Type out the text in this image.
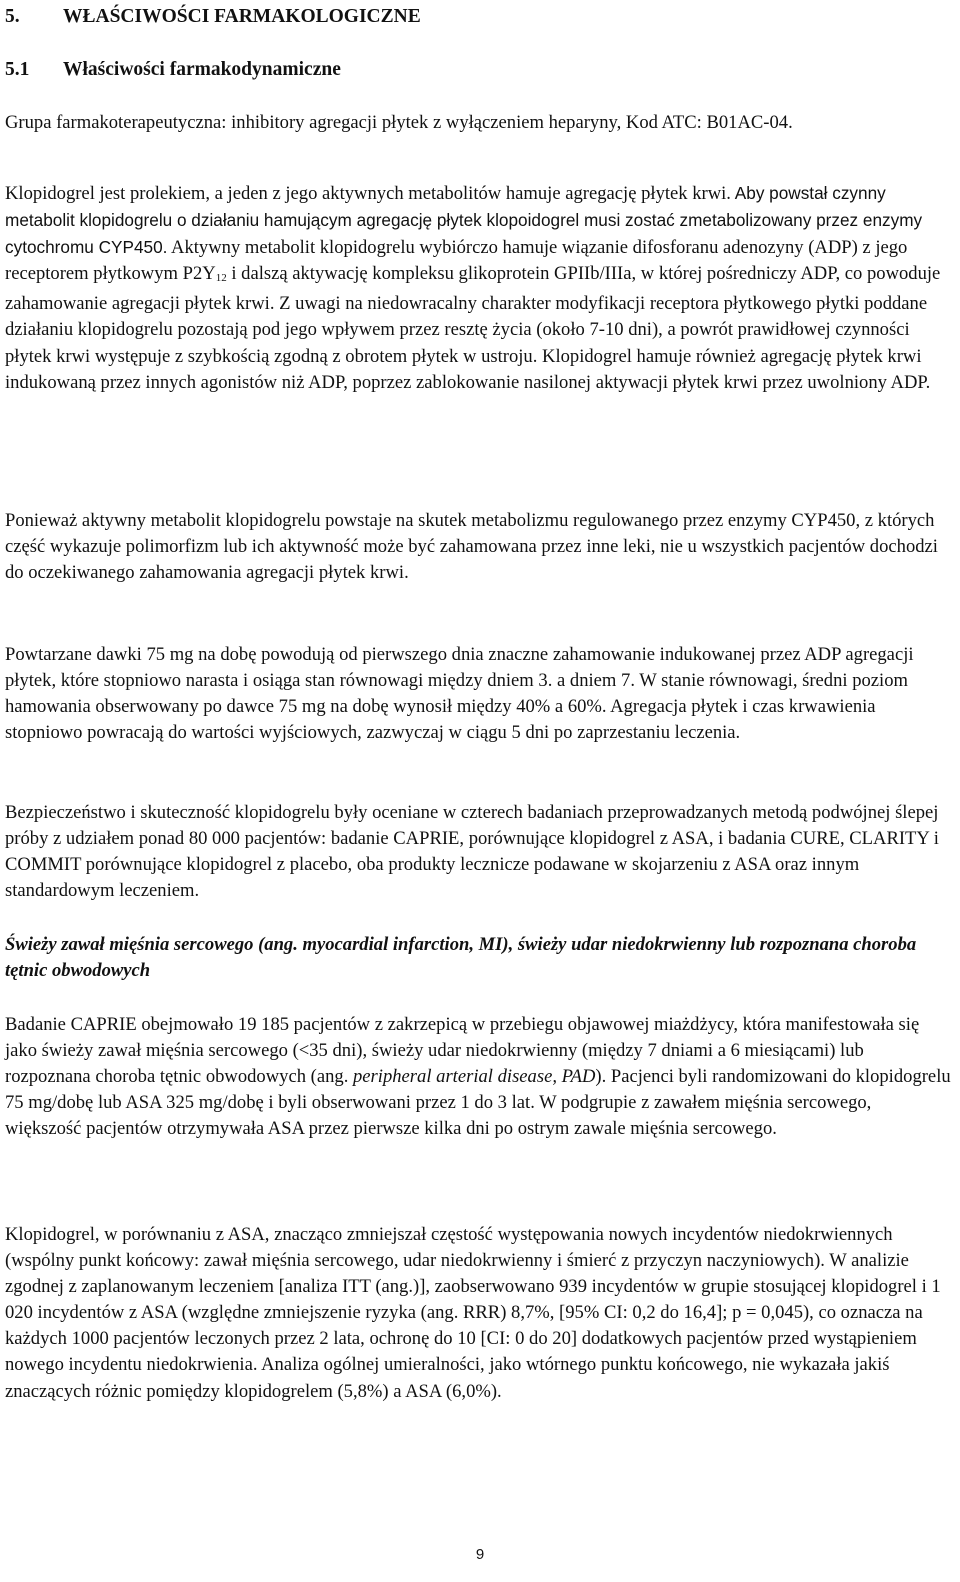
5. WŁAŚCIWOŚCI FARMAKOLOGICZNE
5.1 Właściwości farmakodynamiczne

Grupa farmakoterapeutyczna: inhibitory agregacji płytek z wyłączeniem heparyny, Kod ATC: B01AC-04.

Klopidogrel jest prolekiem, a jeden z jego aktywnych metabolitów hamuje agregację płytek krwi. Aby powstał czynny metabolit klopidogrelu o działaniu hamującym agregację płytek klopoidogrel musi zostać zmetabolizowany przez enzymy cytochromu CYP450. Aktywny metabolit klopidogrelu wybiórczo hamuje wiązanie difosforanu adenozyny (ADP) z jego receptorem płytkowym P2Y12 i dalszą aktywację kompleksu glikoprotein GPIIb/IIIa, w której pośredniczy ADP, co powoduje zahamowanie agregacji płytek krwi. Z uwagi na niedowracalny charakter modyfikacji receptora płytkowego płytki poddane działaniu klopidogrelu pozostają pod jego wpływem przez resztę życia (około 7-10 dni), a powrót prawidłowej czynności płytek krwi występuje z szybkością zgodną z obrotem płytek w ustroju. Klopidogrel hamuje również agregację płytek krwi indukowaną przez innych agonistów niż ADP, poprzez zablokowanie nasilonej aktywacji płytek krwi przez uwolniony ADP.

Ponieważ aktywny metabolit klopidogrelu powstaje na skutek metabolizmu regulowanego przez enzymy CYP450, z których część wykazuje polimorfizm lub ich aktywność może być zahamowana przez inne leki, nie u wszystkich pacjentów dochodzi do oczekiwanego zahamowania agregacji płytek krwi.

Powtarzane dawki 75 mg na dobę powodują od pierwszego dnia znaczne zahamowanie indukowanej przez ADP agregacji płytek, które stopniowo narasta i osiąga stan równowagi między dniem 3. a dniem 7. W stanie równowagi, średni poziom hamowania obserwowany po dawce 75 mg na dobę wynosił między 40% a 60%. Agregacja płytek i czas krwawienia stopniowo powracają do wartości wyjściowych, zazwyczaj w ciągu 5 dni po zaprzestaniu leczenia.

Bezpieczeństwo i skuteczność klopidogrelu były oceniane w czterech badaniach przeprowadzanych metodą podwójnej ślepej próby z udziałem ponad 80 000 pacjentów: badanie CAPRIE, porównujące klopidogrel z ASA, i badania CURE, CLARITY i COMMIT porównujące klopidogrel z placebo, oba produkty lecznicze podawane w skojarzeniu z ASA oraz innym standardowym leczeniem.

Świeży zawał mięśnia sercowego (ang. myocardial infarction, MI), świeży udar niedokrwienny lub rozpoznana choroba tętnic obwodowych

Badanie CAPRIE obejmowało 19 185 pacjentów z zakrzepicą w przebiegu objawowej miażdżycy, która manifestowała się jako świeży zawał mięśnia sercowego (<35 dni), świeży udar niedokrwienny (między 7 dniami a 6 miesiącami) lub rozpoznana choroba tętnic obwodowych (ang. peripheral arterial disease, PAD). Pacjenci byli randomizowani do klopidogrelu 75 mg/dobę lub ASA 325 mg/dobę i byli obserwowani przez 1 do 3 lat. W podgrupie z zawałem mięśnia sercowego, większość pacjentów otrzymywała ASA przez pierwsze kilka dni po ostrym zawale mięśnia sercowego.

Klopidogrel, w porównaniu z ASA, znacząco zmniejszał częstość występowania nowych incydentów niedokrwiennych (wspólny punkt końcowy: zawał mięśnia sercowego, udar niedokrwienny i śmierć z przyczyn naczyniowych). W analizie zgodnej z zaplanowanym leczeniem [analiza ITT (ang.)], zaobserwowano 939 incydentów w grupie stosującej klopidogrel i 1 020 incydentów z ASA (względne zmniejszenie ryzyka (ang. RRR) 8,7%, [95% CI: 0,2 do 16,4]; p = 0,045), co oznacza na każdych 1000 pacjentów leczonych przez 2 lata, ochronę do 10 [CI: 0 do 20] dodatkowych pacjentów przed wystąpieniem nowego incydentu niedokrwienia. Analiza ogólnej umieralności, jako wtórnego punktu końcowego, nie wykazała jakiś znaczących różnic pomiędzy klopidogrelem (5,8%) a ASA (6,0%).

9
